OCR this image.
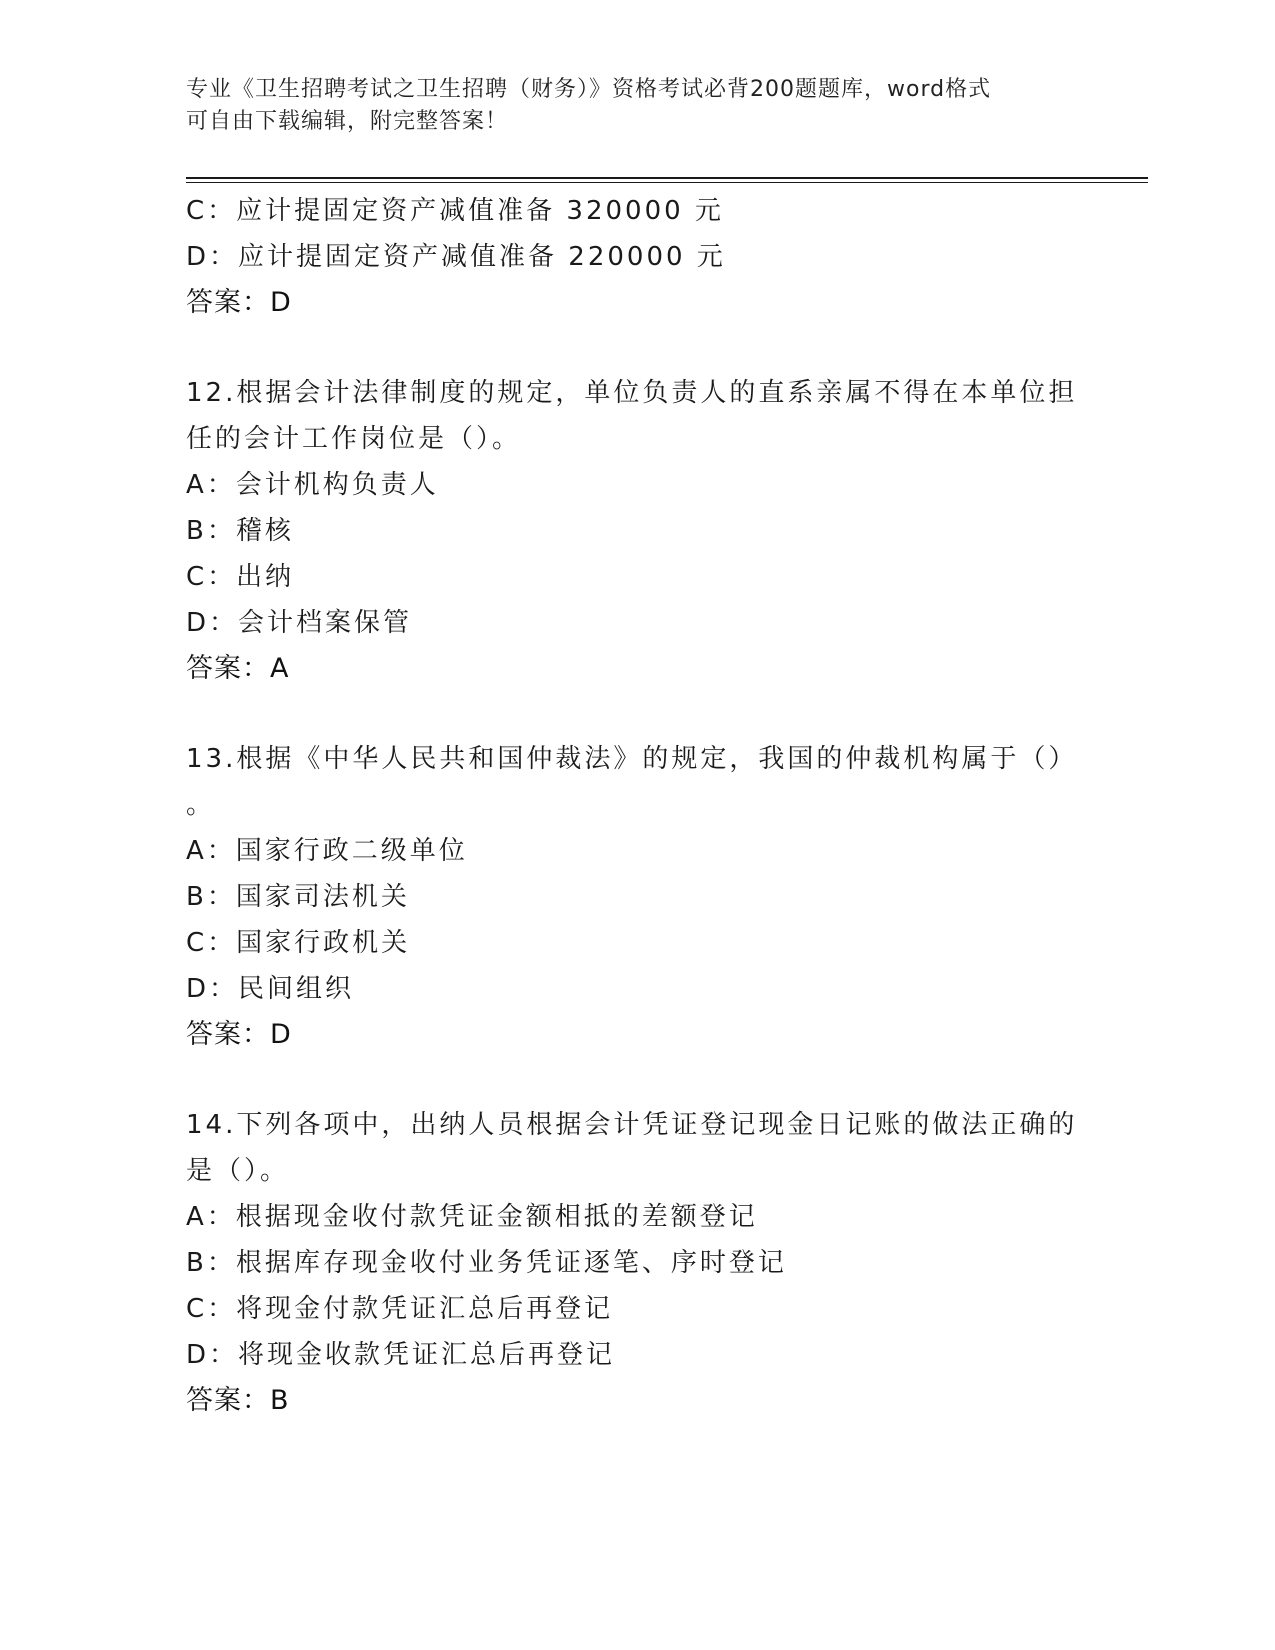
专业《卫生招聘考试之卫生招聘（财务）》资格考试必背200题题库，word格式
可自由下载编辑，附完整答案！
C：应计提固定资产减值准备 320000 元
D：应计提固定资产减值准备 220000 元
答案：D
12.根据会计法律制度的规定，单位负责人的直系亲属不得在本单位担
任的会计工作岗位是（）。
A：会计机构负责人
B：稽核
C：出纳
D：会计档案保管
答案：A
13.根据《中华人民共和国仲裁法》的规定，我国的仲裁机构属于（）
。
A：国家行政二级单位
B：国家司法机关
C：国家行政机关
D：民间组织
答案：D
14.下列各项中，出纳人员根据会计凭证登记现金日记账的做法正确的
是（）。
A：根据现金收付款凭证金额相抵的差额登记
B：根据库存现金收付业务凭证逐笔、序时登记
C：将现金付款凭证汇总后再登记
D：将现金收款凭证汇总后再登记
答案：B
